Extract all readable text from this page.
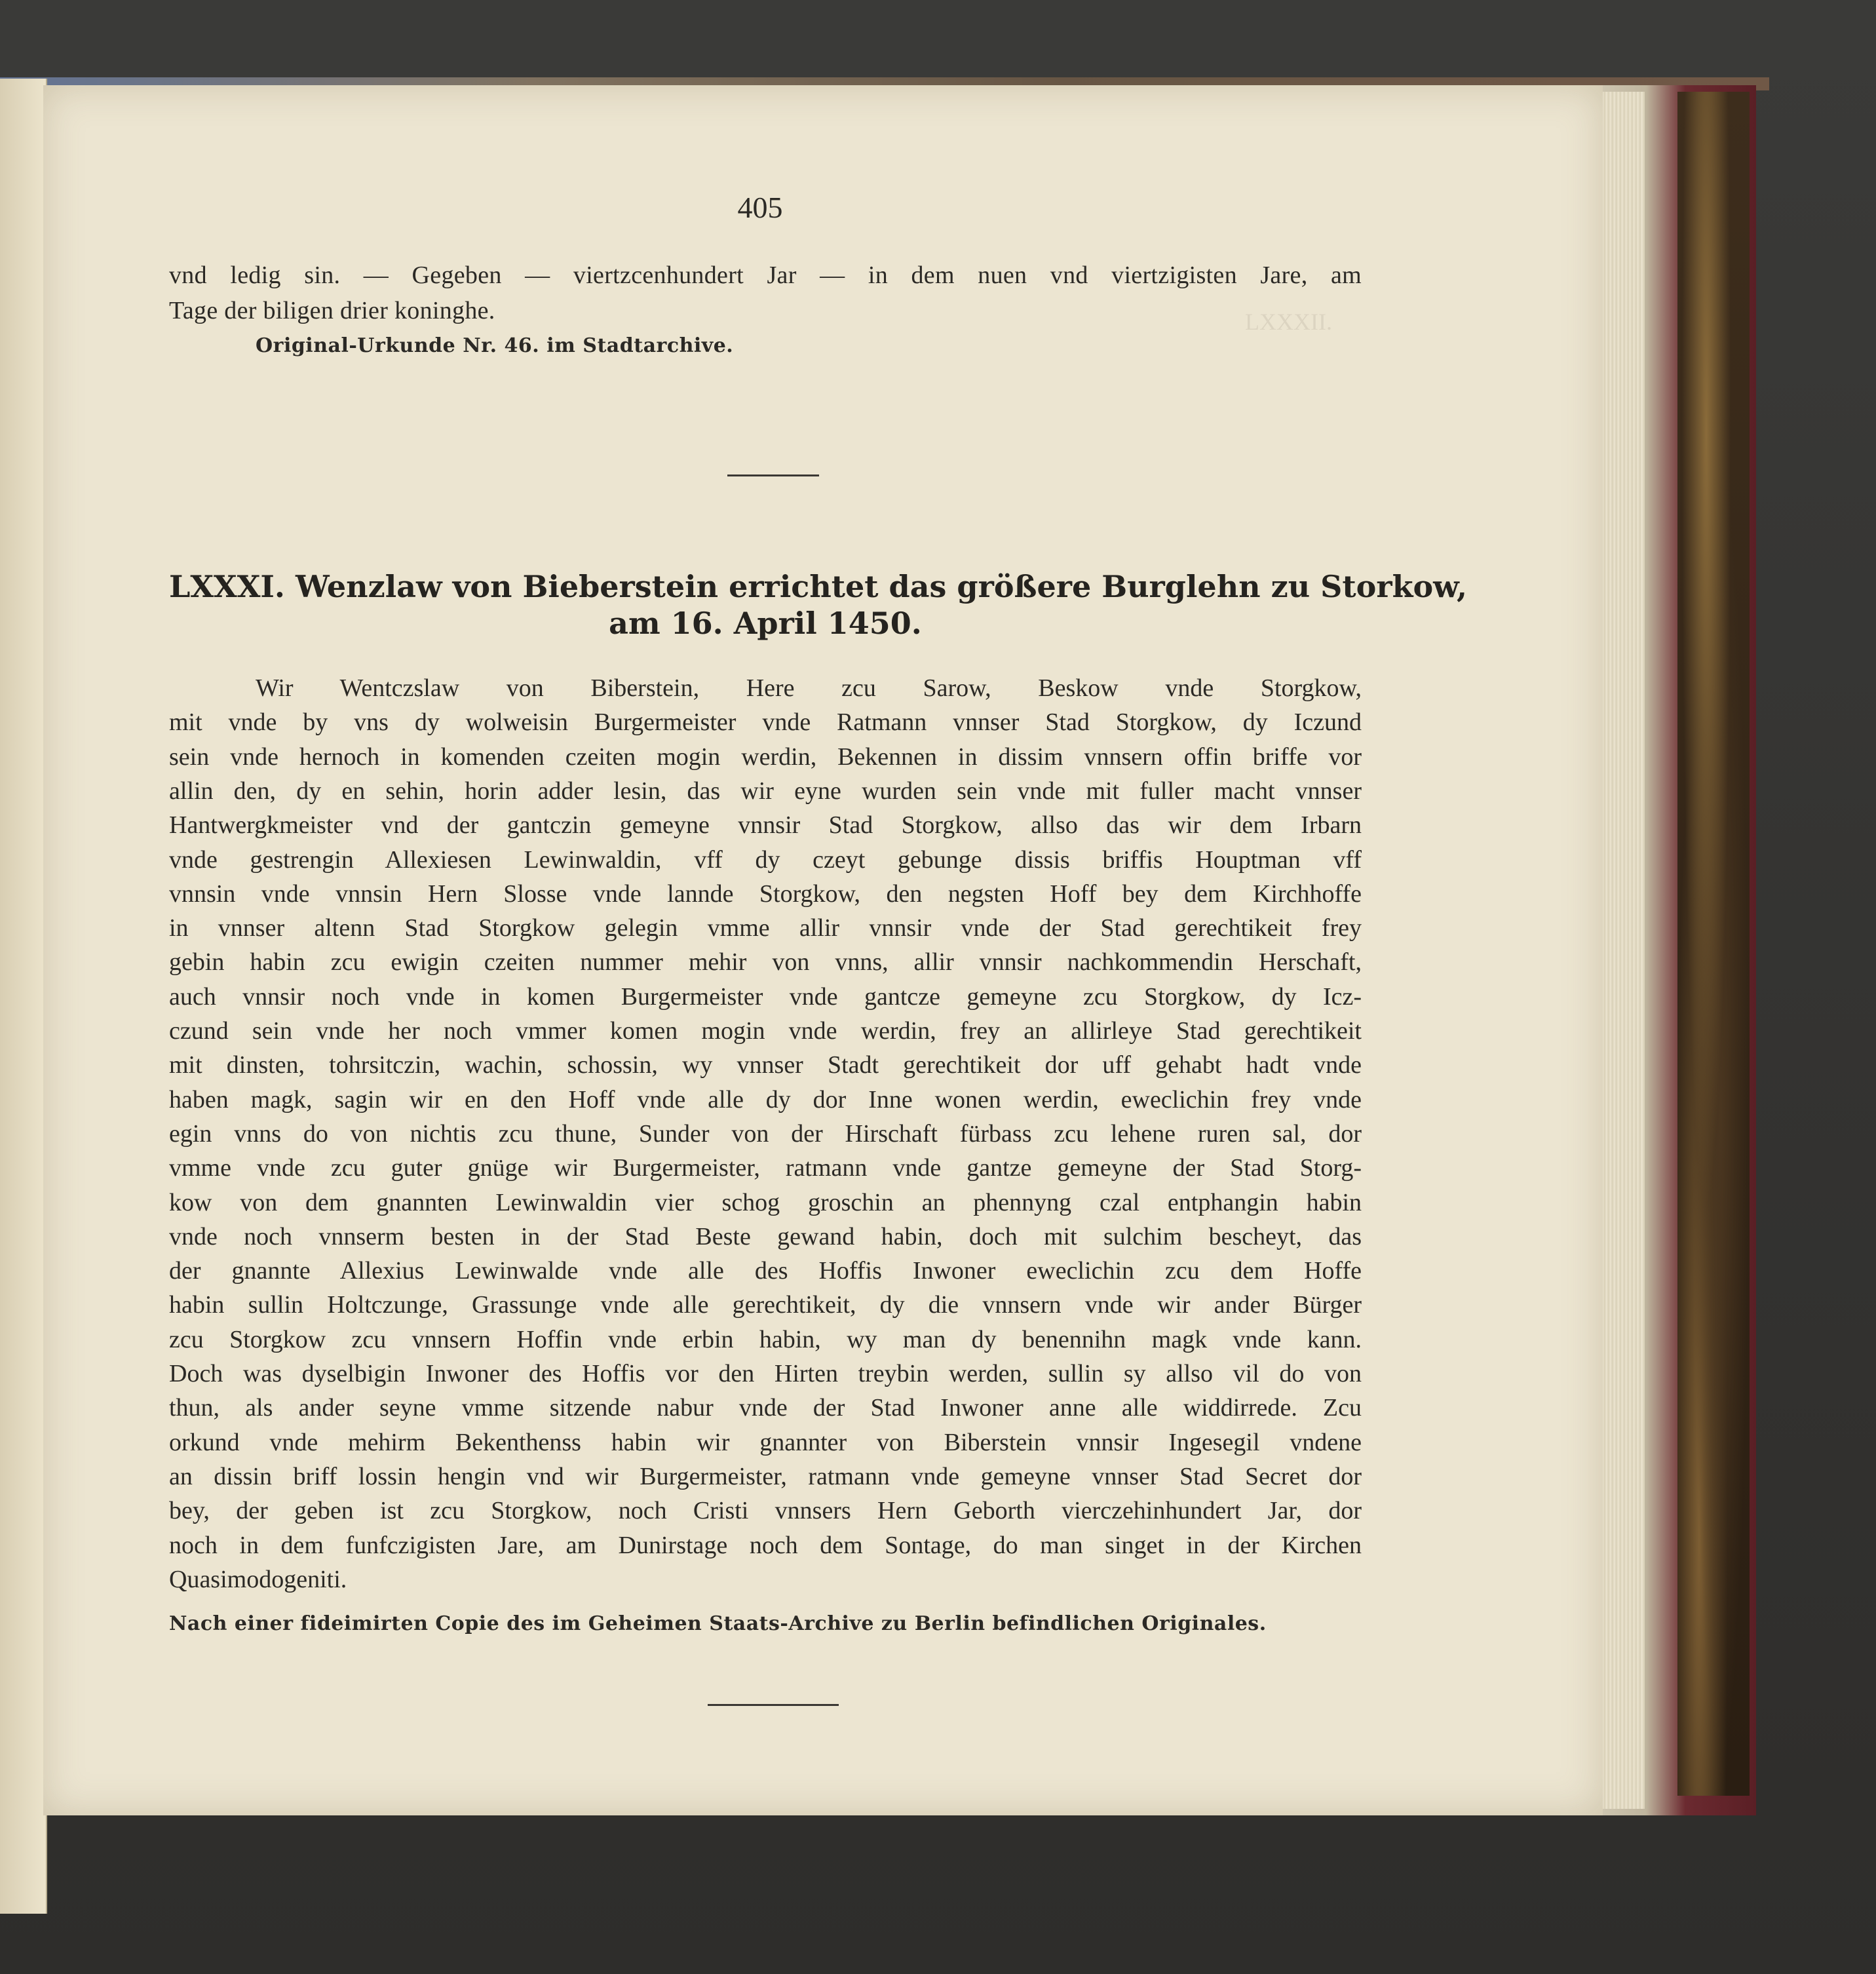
LXXXII.
405
vnd ledig sin. — Gegeben — viertzcenhundert Jar — in dem nuen vnd viertzigisten Jare, am
Tage der biligen drier koninghe.
Original-Urkunde Nr. 46. im Stadtarchive.
LXXXI. Wenzlaw von Bieberstein errichtet das größere Burglehn zu Storkow,
am 16. April 1450.
Wir Wentczslaw von Biberstein, Here zcu Sarow, Beskow vnde Storgkow,
mit vnde by vns dy wolweisin Burgermeister vnde Ratmann vnnser Stad Storgkow, dy Iczund
sein vnde hernoch in komenden czeiten mogin werdin, Bekennen in dissim vnnsern offin briffe vor
allin den, dy en sehin, horin adder lesin, das wir eyne wurden sein vnde mit fuller macht vnnser
Hantwergkmeister vnd der gantczin gemeyne vnnsir Stad Storgkow, allso das wir dem Irbarn
vnde gestrengin Allexiesen Lewinwaldin, vff dy czeyt gebunge dissis briffis Houptman vff
vnnsin vnde vnnsin Hern Slosse vnde lannde Storgkow, den negsten Hoff bey dem Kirchhoffe
in vnnser altenn Stad Storgkow gelegin vmme allir vnnsir vnde der Stad gerechtikeit frey
gebin habin zcu ewigin czeiten nummer mehir von vnns, allir vnnsir nachkommendin Herschaft,
auch vnnsir noch vnde in komen Burgermeister vnde gantcze gemeyne zcu Storgkow, dy Icz-
czund sein vnde her noch vmmer komen mogin vnde werdin, frey an allirleye Stad gerechtikeit
mit dinsten, tohrsitczin, wachin, schossin, wy vnnser Stadt gerechtikeit dor uff gehabt hadt vnde
haben magk, sagin wir en den Hoff vnde alle dy dor Inne wonen werdin, eweclichin frey vnde
egin vnns do von nichtis zcu thune, Sunder von der Hirschaft fürbass zcu lehene ruren sal, dor
vmme vnde zcu guter gnüge wir Burgermeister, ratmann vnde gantze gemeyne der Stad Storg-
kow von dem gnannten Lewinwaldin vier schog groschin an phennyng czal entphangin habin
vnde noch vnnserm besten in der Stad Beste gewand habin, doch mit sulchim bescheyt, das
der gnannte Allexius Lewinwalde vnde alle des Hoffis Inwoner eweclichin zcu dem Hoffe
habin sullin Holtczunge, Grassunge vnde alle gerechtikeit, dy die vnnsern vnde wir ander Bürger
zcu Storgkow zcu vnnsern Hoffin vnde erbin habin, wy man dy benennihn magk vnde kann.
Doch was dyselbigin Inwoner des Hoffis vor den Hirten treybin werden, sullin sy allso vil do von
thun, als ander seyne vmme sitzende nabur vnde der Stad Inwoner anne alle widdirrede. Zcu
orkund vnde mehirm Bekenthenss habin wir gnannter von Biberstein vnnsir Ingesegil vndene
an dissin briff lossin hengin vnd wir Burgermeister, ratmann vnde gemeyne vnnser Stad Secret dor
bey, der geben ist zcu Storgkow, noch Cristi vnnsers Hern Geborth vierczehinhundert Jar, dor
noch in dem funfczigisten Jare, am Dunirstage noch dem Sontage, do man singet in der Kirchen
Quasimodogeniti.
Nach einer fideimirten Copie des im Geheimen Staats-Archive zu Berlin befindlichen Originales.
